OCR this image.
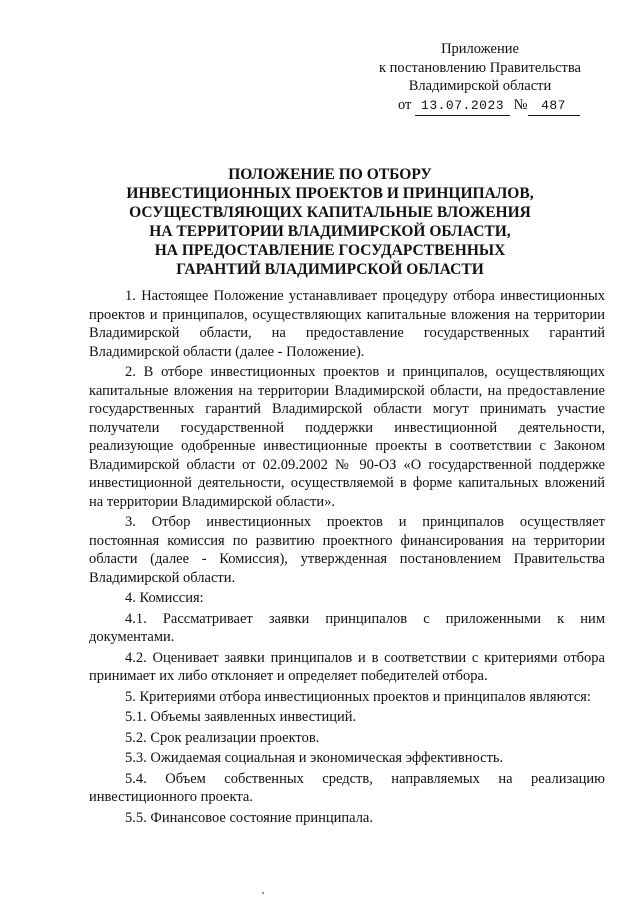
Приложение
к постановлению Правительства
Владимирской области
от 13.07.2023 № 487
ПОЛОЖЕНИЕ ПО ОТБОРУ
ИНВЕСТИЦИОННЫХ ПРОЕКТОВ И ПРИНЦИПАЛОВ,
ОСУЩЕСТВЛЯЮЩИХ КАПИТАЛЬНЫЕ ВЛОЖЕНИЯ
НА ТЕРРИТОРИИ ВЛАДИМИРСКОЙ ОБЛАСТИ,
НА ПРЕДОСТАВЛЕНИЕ ГОСУДАРСТВЕННЫХ
ГАРАНТИЙ ВЛАДИМИРСКОЙ ОБЛАСТИ

1. Настоящее Положение устанавливает процедуру отбора инвестиционных проектов и принципалов, осуществляющих капитальные вложения на территории Владимирской области, на предоставление государственных гарантий Владимирской области (далее - Положение).

2. В отборе инвестиционных проектов и принципалов, осуществляющих капитальные вложения на территории Владимирской области, на предоставление государственных гарантий Владимирской области могут принимать участие получатели государственной поддержки инвестиционной деятельности, реализующие одобренные инвестиционные проекты в соответствии с Законом Владимирской области от 02.09.2002 № 90-ОЗ «О государственной поддержке инвестиционной деятельности, осуществляемой в форме капитальных вложений на территории Владимирской области».

3. Отбор инвестиционных проектов и принципалов осуществляет постоянная комиссия по развитию проектного финансирования на территории области (далее - Комиссия), утвержденная постановлением Правительства Владимирской области.

4. Комиссия:

4.1. Рассматривает заявки принципалов с приложенными к ним документами.

4.2. Оценивает заявки принципалов и в соответствии с критериями отбора принимает их либо отклоняет и определяет победителей отбора.

5. Критериями отбора инвестиционных проектов и принципалов являются:

5.1. Объемы заявленных инвестиций.

5.2. Срок реализации проектов.

5.3. Ожидаемая социальная и экономическая эффективность.

5.4. Объем собственных средств, направляемых на реализацию инвестиционного проекта.

5.5. Финансовое состояние принципала.
